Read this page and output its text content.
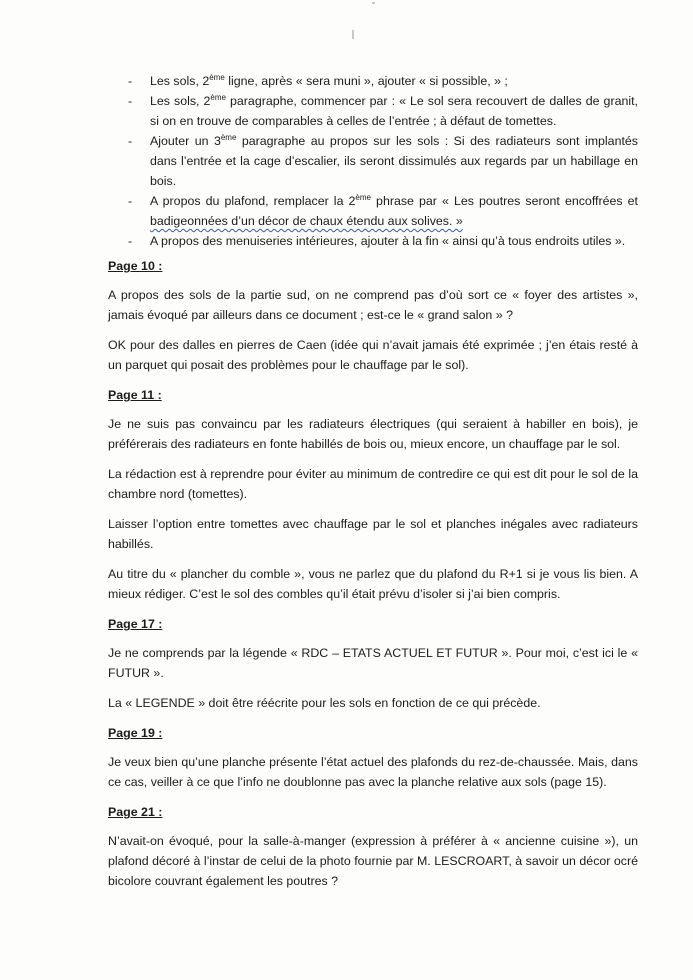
- Les sols, 2ème ligne, après « sera muni », ajouter « si possible, » ;
- Les sols, 2ème paragraphe, commencer par : « Le sol sera recouvert de dalles de granit, si on en trouve de comparables à celles de l’entrée ; à défaut de tomettes.
- Ajouter un 3ème paragraphe au propos sur les sols : Si des radiateurs sont implantés dans l’entrée et la cage d’escalier, ils seront dissimulés aux regards par un habillage en bois.
- A propos du plafond, remplacer la 2ème phrase par « Les poutres seront encoffrées et badigeonnées d’un décor de chaux étendu aux solives. »
- A propos des menuiseries intérieures, ajouter à la fin « ainsi qu’à tous endroits utiles ».
Page 10 :

A propos des sols de la partie sud, on ne comprend pas d’où sort ce « foyer des artistes », jamais évoqué par ailleurs dans ce document ; est-ce le « grand salon » ?

OK pour des dalles en pierres de Caen (idée qui n’avait jamais été exprimée ; j’en étais resté à un parquet qui posait des problèmes pour le chauffage par le sol).

Page 11 :

Je ne suis pas convaincu par les radiateurs électriques (qui seraient à habiller en bois), je préférerais des radiateurs en fonte habillés de bois ou, mieux encore, un chauffage par le sol.

La rédaction est à reprendre pour éviter au minimum de contredire ce qui est dit pour le sol de la chambre nord (tomettes).

Laisser l’option entre tomettes avec chauffage par le sol et planches inégales avec radiateurs habillés.

Au titre du « plancher du comble », vous ne parlez que du plafond du R+1 si je vous lis bien. A mieux rédiger. C’est le sol des combles qu’il était prévu d’isoler si j’ai bien compris.

Page 17 :

Je ne comprends par la légende « RDC – ETATS ACTUEL ET FUTUR ». Pour moi, c’est ici le « FUTUR ».

La « LEGENDE » doit être réécrite pour les sols en fonction de ce qui précède.

Page 19 :

Je veux bien qu’une planche présente l’état actuel des plafonds du rez-de-chaussée. Mais, dans ce cas, veiller à ce que l’info ne doublonne pas avec la planche relative aux sols (page 15).

Page 21 :

N’avait-on évoqué, pour la salle-à-manger (expression à préférer à « ancienne cuisine »), un plafond décoré à l’instar de celui de la photo fournie par M. LESCROART, à savoir un décor ocré bicolore couvrant également les poutres ?
